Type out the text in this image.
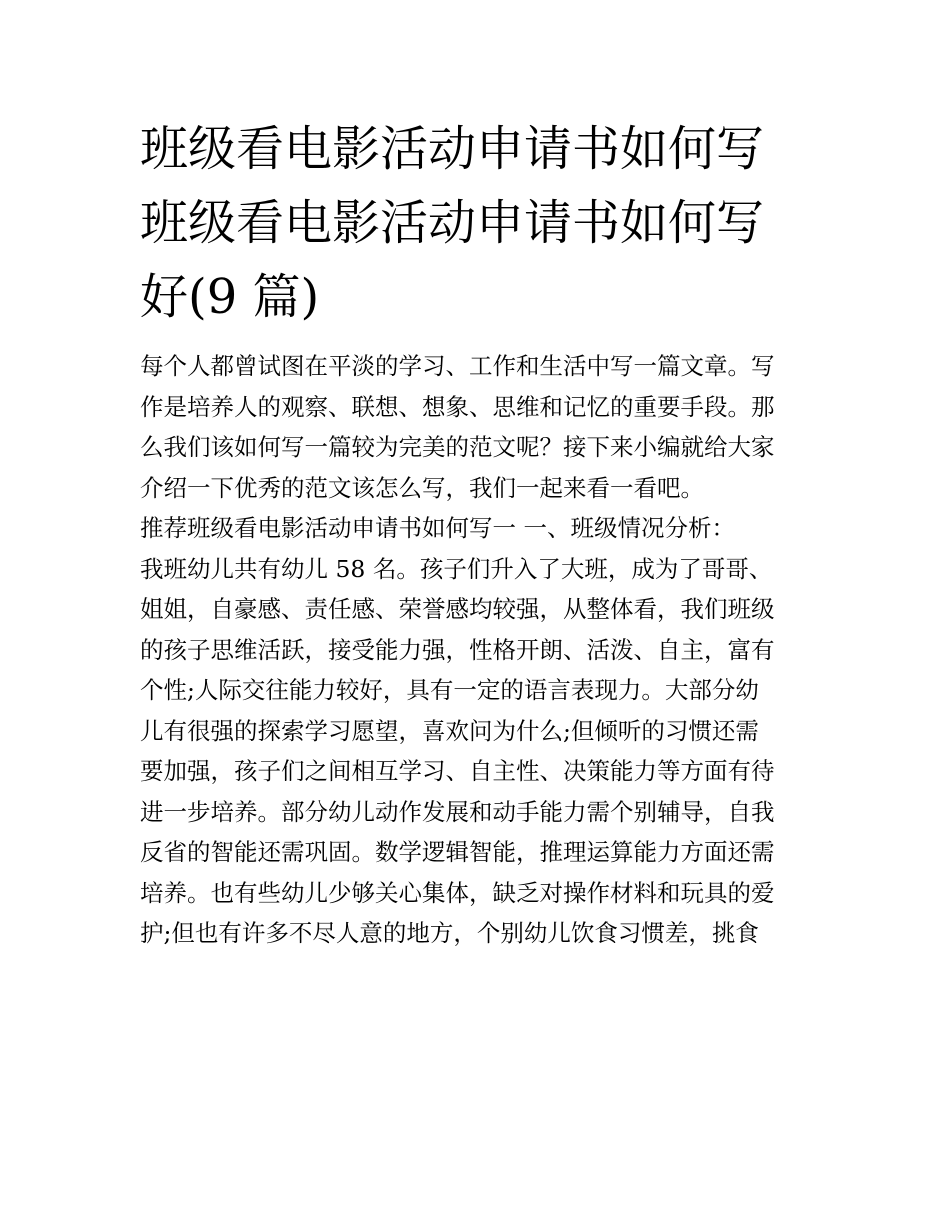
班级看电影活动申请书如何写
班级看电影活动申请书如何写
好(9 篇)
每个人都曾试图在平淡的学习、工作和生活中写一篇文章。写
作是培养人的观察、联想、想象、思维和记忆的重要手段。那
么我们该如何写一篇较为完美的范文呢？接下来小编就给大家
介绍一下优秀的范文该怎么写，我们一起来看一看吧。
推荐班级看电影活动申请书如何写一 一、班级情况分析：
我班幼儿共有幼儿 58 名。孩子们升入了大班，成为了哥哥、
姐姐，自豪感、责任感、荣誉感均较强，从整体看，我们班级
的孩子思维活跃，接受能力强，性格开朗、活泼、自主，富有
个性;人际交往能力较好，具有一定的语言表现力。大部分幼
儿有很强的探索学习愿望，喜欢问为什么;但倾听的习惯还需
要加强，孩子们之间相互学习、自主性、决策能力等方面有待
进一步培养。部分幼儿动作发展和动手能力需个别辅导，自我
反省的智能还需巩固。数学逻辑智能，推理运算能力方面还需
培养。也有些幼儿少够关心集体，缺乏对操作材料和玩具的爱
护;但也有许多不尽人意的地方，个别幼儿饮食习惯差，挑食
